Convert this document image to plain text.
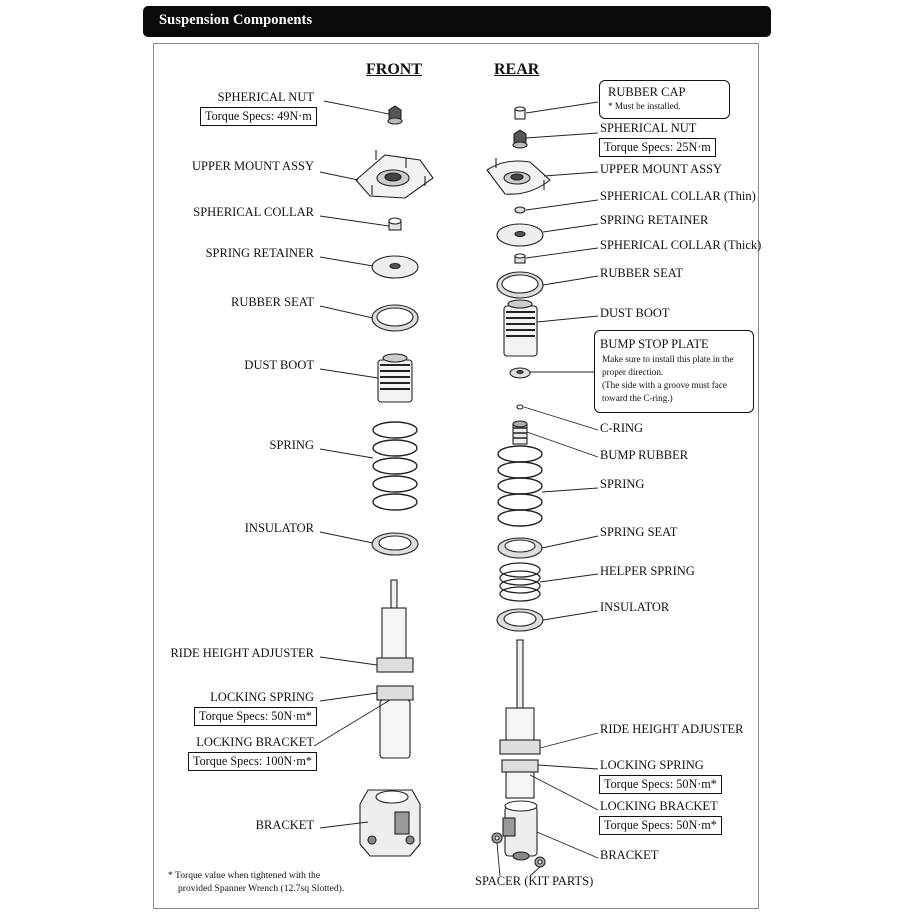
Suspension Components
FRONT	REAR
SPHERICAL NUT
Torque Specs: 49N·m
UPPER MOUNT ASSY
SPHERICAL COLLAR
SPRING RETAINER
RUBBER SEAT
DUST BOOT
SPRING
INSULATOR
RIDE HEIGHT ADJUSTER
LOCKING SPRING
Torque Specs: 50N·m*
LOCKING BRACKET
Torque Specs: 100N·m*
BRACKET
RUBBER CAP
* Must be installed.
SPHERICAL NUT
Torque Specs: 25N·m
UPPER MOUNT ASSY
SPHERICAL COLLAR (Thin)
SPRING RETAINER
SPHERICAL COLLAR (Thick)
RUBBER SEAT
DUST BOOT
BUMP STOP PLATE
Make sure to install this plate in the
proper direction.
(The side with a groove must face
toward the C-ring.)
C-RING
BUMP RUBBER
SPRING
SPRING SEAT
HELPER SPRING
INSULATOR
RIDE HEIGHT ADJUSTER
LOCKING SPRING
Torque Specs: 50N·m*
LOCKING BRACKET
Torque Specs: 50N·m*
BRACKET
SPACER (KIT PARTS)
* Torque value when tightened with the
provided Spanner Wrench (12.7sq Slotted).
